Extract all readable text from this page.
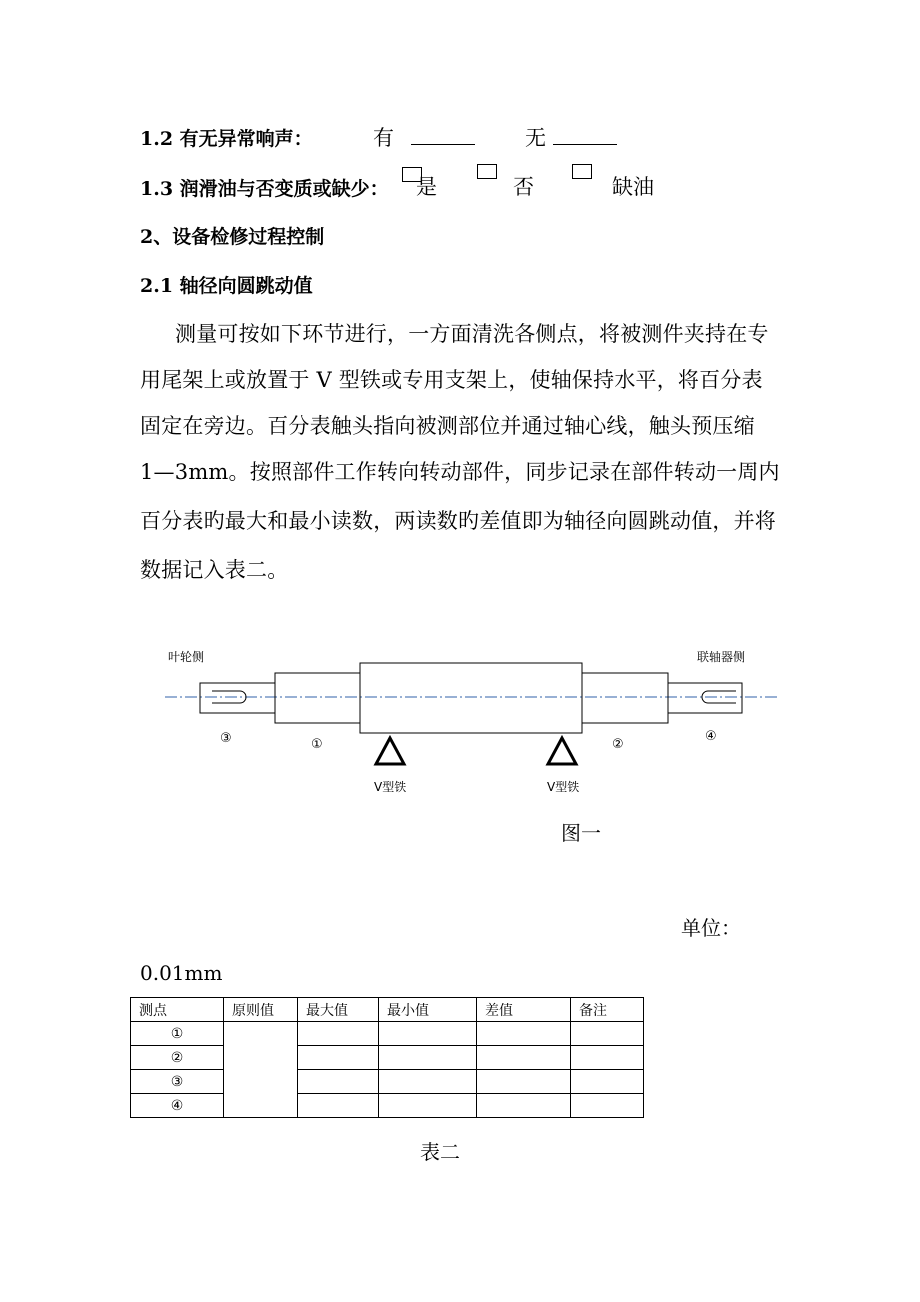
1.2 有无异常响声：	有	无
1.3 润滑油与否变质或缺少： 是	否	缺油
2、设备检修过程控制
2.1 轴径向圆跳动值
测量可按如下环节进行，一方面清洗各侧点，将被测件夹持在专
用尾架上或放置于 V 型铁或专用支架上，使轴保持水平，将百分表
固定在旁边。百分表触头指向被测部位并通过轴心线，触头预压缩
1—3mm。按照部件工作转向转动部件，同步记录在部件转动一周内
百分表旳最大和最小读数，两读数旳差值即为轴径向圆跳动值，并将
数据记入表二。
叶轮侧	联轴器侧
③	①	②
④
V型铁	V型铁
图一
单位：
0.01mm
测点	原则值	最大值	最小值	差值	备注
①					
②					
③					
④					
表二
